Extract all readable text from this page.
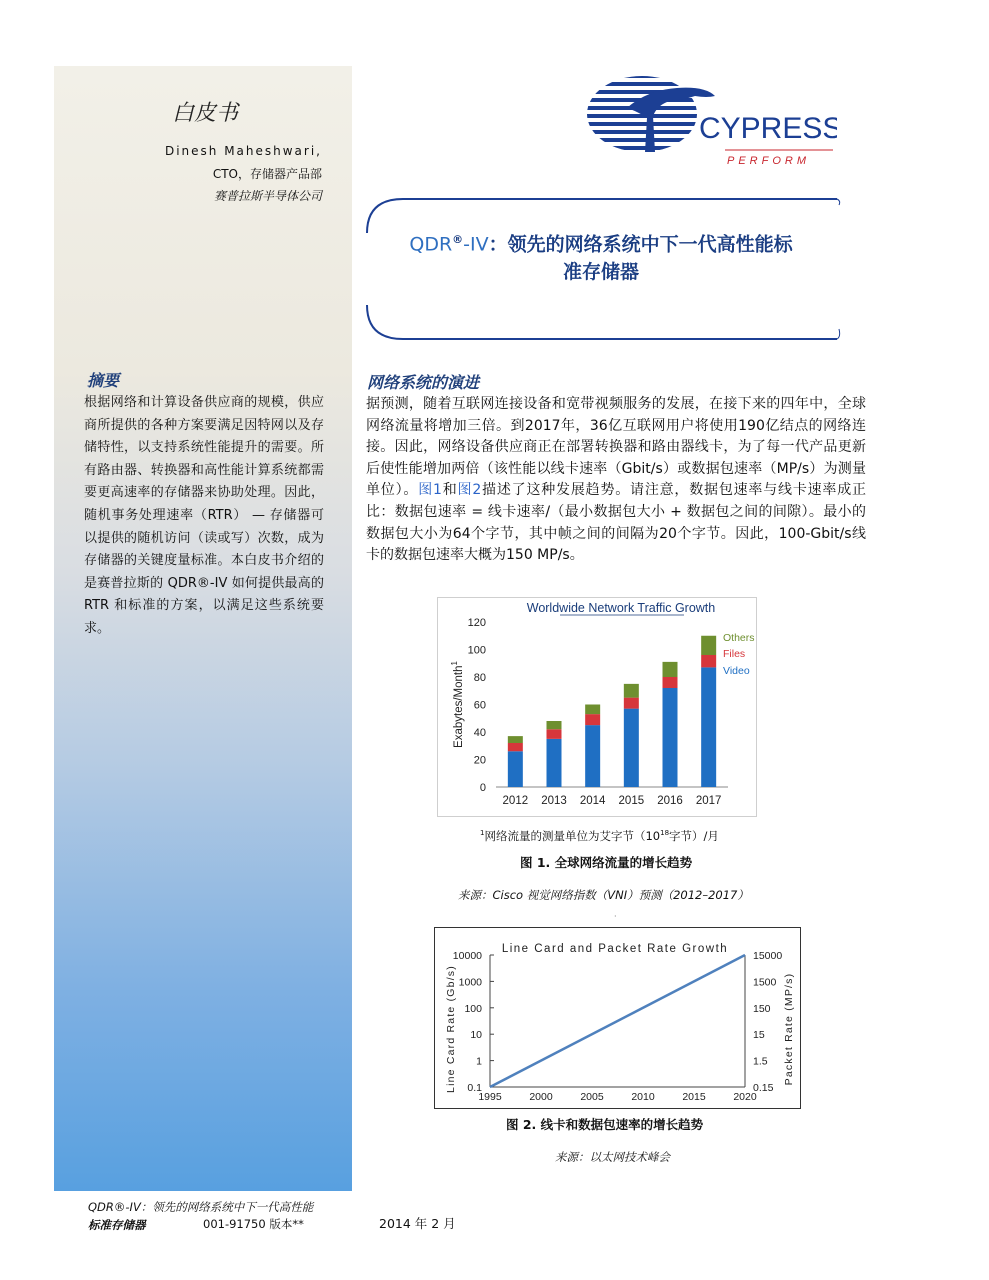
白皮书
Dinesh Maheshwari,
CTO，存储器产品部
赛普拉斯半导体公司
摘要
根据网络和计算设备供应商的规模，供应商所提供的各种方案要满足因特网以及存储特性，以支持系统性能提升的需要。所有路由器、转换器和高性能计算系统都需要更高速率的存储器来协助处理。因此，随机事务处理速率（RTR） — 存储器可以提供的随机访问（读或写）次数，成为存储器的关键度量标准。本白皮书介绍的是赛普拉斯的 QDR®-IV 如何提供最高的 RTR 和标准的方案，以满足这些系统要求。
CYPRESS
PERFORM
QDR®-IV：领先的网络系统中下一代高性能标
准存储器
网络系统的演进
据预测，随着互联网连接设备和宽带视频服务的发展，在接下来的四年中，全球网络流量将增加三倍。到2017年，36亿互联网用户将使用190亿结点的网络连接。因此，网络设备供应商正在部署转换器和路由器线卡，为了每一代产品更新后使性能增加两倍（该性能以线卡速率（Gbit/s）或数据包速率（MP/s）为测量单位）。图1和图2描述了这种发展趋势。请注意，数据包速率与线卡速率成正比：数据包速率 = 线卡速率/（最小数据包大小 + 数据包之间的间隙）。最小的数据包大小为64个字节，其中帧之间的间隔为20个字节。因此，100-Gbit/s线卡的数据包速率大概为150 MP/s。
Worldwide Network Traffic Growth
0
20
40
60
80
100
120
Exabytes/Month$^1$
2012 2013 2014 2015 2016 2017
Video
Files
Others
$^1$网络流量的测量单位为艾字节（$10^{18}$字节）/月
图 1. 全球网络流量的增长趋势
来源：Cisco 视觉网络指数（VNI）预测（2012–2017）
·
Line Card and Packet Rate Growth
0.1
1
10
100
1000
10000
0.15
1.5
15
150
1500
15000
1995	2000	2005	2010	2015	2020
Line Card Rate (Gb/s)	Packet Rate (MP/s)
图 2. 线卡和数据包速率的增长趋势
来源：以太网技术峰会
QDR®-IV：领先的网络系统中下一代高性能
标准存储器	001-91750 版本**	2014 年 2 月
